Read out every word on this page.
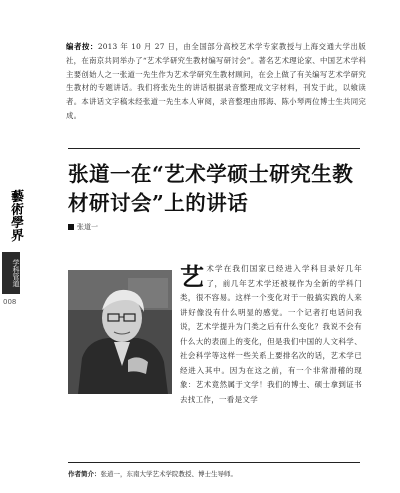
藝術學界
学科管道
008
编者按：2013 年 10 月 27 日，由全国部分高校艺术学专家教授与上海交通大学出版社，在南京共同举办了“艺术学研究生教材编写研讨会”。著名艺术理论家、中国艺术学科主要创始人之一张道一先生作为艺术学研究生教材顾问，在会上做了有关编写艺术学研究生教材的专题讲话。我们将张先生的讲话根据录音整理成文字材料，刊发于此，以飨读者。本讲话文字稿未经张道一先生本人审阅，录音整理由邢海、陈小琴两位博士生共同完成。
张道一在“艺术学硕士研究生教材研讨会”上的讲话
张道一
艺术学在我们国家已经进入学科目录好几年了，前几年艺术学还被视作为全新的学科门类，很不容易。这样一个变化对于一般搞实践的人来讲好像没有什么明显的感觉。一个记者打电话问我说，艺术学提升为门类之后有什么变化？我说不会有什么大的表面上的变化，但是我们中国的人文科学、社会科学等这样一些关系上要排名次的话，艺术学已经进入其中。因为在这之前，有一个非常滑稽的现象：艺术竟然属于文学！我们的博士、硕士拿到证书去找工作，一看是文学
作者简介：张道一，东南大学艺术学院教授、博士生导师。
